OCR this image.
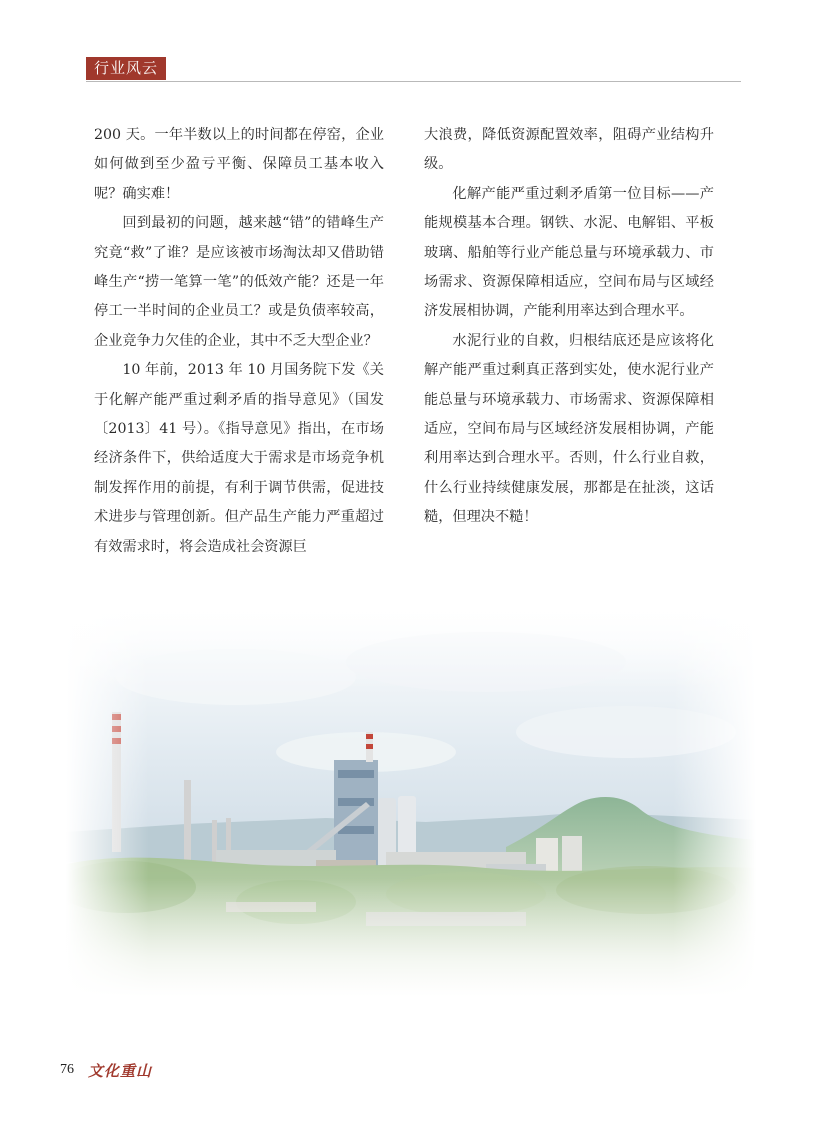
行业风云

200 天。一年半数以上的时间都在停窑，企业如何做到至少盈亏平衡、保障员工基本收入呢？确实难！

回到最初的问题，越来越“错”的错峰生产究竟“救”了谁？是应该被市场淘汰却又借助错峰生产“捞一笔算一笔”的低效产能？还是一年停工一半时间的企业员工？或是负债率较高，企业竞争力欠佳的企业，其中不乏大型企业？

10 年前，2013 年 10 月国务院下发《关于化解产能严重过剩矛盾的指导意见》（国发〔2013〕41 号）。《指导意见》指出，在市场经济条件下，供给适度大于需求是市场竞争机制发挥作用的前提，有利于调节供需，促进技术进步与管理创新。但产品生产能力严重超过有效需求时，将会造成社会资源巨

大浪费，降低资源配置效率，阻碍产业结构升级。

化解产能严重过剩矛盾第一位目标——产能规模基本合理。钢铁、水泥、电解铝、平板玻璃、船舶等行业产能总量与环境承载力、市场需求、资源保障相适应，空间布局与区域经济发展相协调，产能利用率达到合理水平。

水泥行业的自救，归根结底还是应该将化解产能严重过剩真正落到实处，使水泥行业产能总量与环境承载力、市场需求、资源保障相适应，空间布局与区域经济发展相协调，产能利用率达到合理水平。否则，什么行业自救，什么行业持续健康发展，那都是在扯淡，这话糙，但理决不糙！

76 文化重山
